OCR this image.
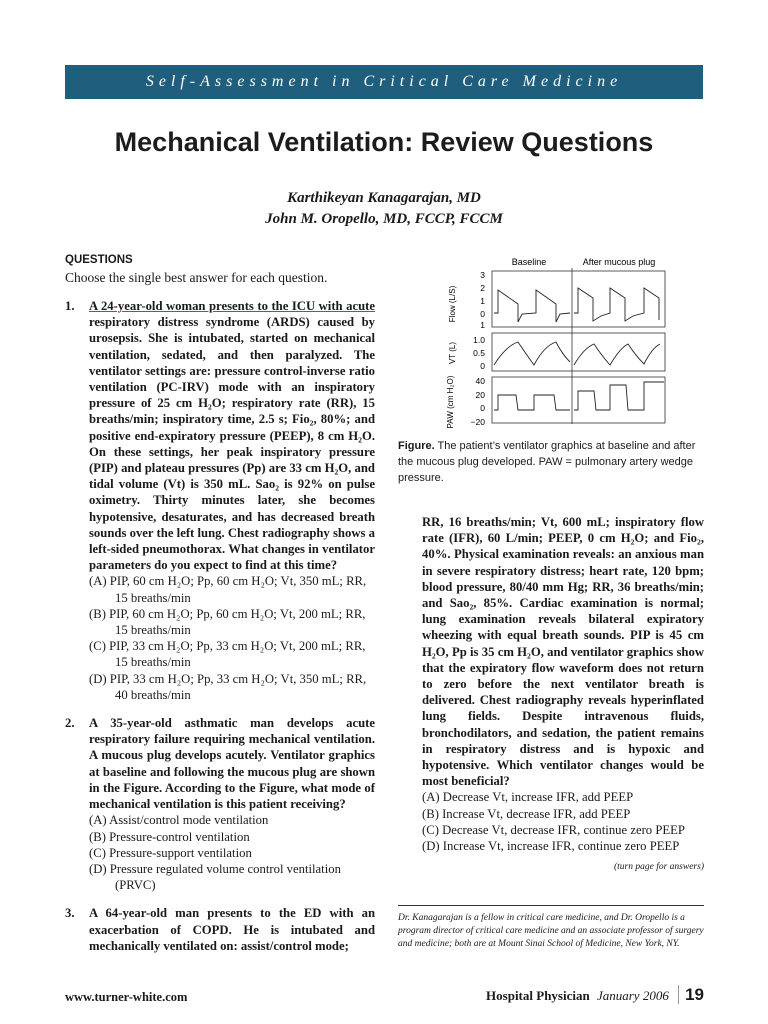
Self-Assessment in Critical Care Medicine
Mechanical Ventilation: Review Questions
Karthikeyan Kanagarajan, MD
John M. Oropello, MD, FCCP, FCCM
QUESTIONS
Choose the single best answer for each question.
1. A 24-year-old woman presents to the ICU with acute respiratory distress syndrome (ARDS) caused by urosepsis. She is intubated, started on mechanical ventilation, sedated, and then paralyzed. The ventilator settings are: pressure control-inverse ratio ventilation (PC-IRV) mode with an inspiratory pressure of 25 cm H₂O; respiratory rate (RR), 15 breaths/min; inspiratory time, 2.5 s; Fio₂, 80%; and positive end-expiratory pressure (PEEP), 8 cm H₂O. On these settings, her peak inspiratory pressure (PIP) and plateau pressures (Pp) are 33 cm H₂O, and tidal volume (Vt) is 350 mL. Sao₂ is 92% on pulse oximetry. Thirty minutes later, she becomes hypotensive, desaturates, and has decreased breath sounds over the left lung. Chest radiography shows a left-sided pneumothorax. What changes in ventilator parameters do you expect to find at this time?
(A) PIP, 60 cm H₂O; Pp, 60 cm H₂O; Vt, 350 mL; RR, 15 breaths/min
(B) PIP, 60 cm H₂O; Pp, 60 cm H₂O; Vt, 200 mL; RR, 15 breaths/min
(C) PIP, 33 cm H₂O; Pp, 33 cm H₂O; Vt, 200 mL; RR, 15 breaths/min
(D) PIP, 33 cm H₂O; Pp, 33 cm H₂O; Vt, 350 mL; RR, 40 breaths/min
2. A 35-year-old asthmatic man develops acute respiratory failure requiring mechanical ventilation. A mucous plug develops acutely. Ventilator graphics at baseline and following the mucous plug are shown in the Figure. According to the Figure, what mode of mechanical ventilation is this patient receiving?
(A) Assist/control mode ventilation
(B) Pressure-control ventilation
(C) Pressure-support ventilation
(D) Pressure regulated volume control ventilation (PRVC)
3. A 64-year-old man presents to the ED with an exacerbation of COPD. He is intubated and mechanically ventilated on: assist/control mode;
Baseline	After mucous plug
Flow (L/S)
VT (L)
PAW (cm H₂O)
3
2
1
0
1
1.0
0.5
0
40
20
0
−20
Figure. The patient’s ventilator graphics at baseline and after the mucous plug developed. PAW = pulmonary artery wedge pressure.
RR, 16 breaths/min; Vt, 600 mL; inspiratory flow rate (IFR), 60 L/min; PEEP, 0 cm H₂O; and Fio₂, 40%. Physical examination reveals: an anxious man in severe respiratory distress; heart rate, 120 bpm; blood pressure, 80/40 mm Hg; RR, 36 breaths/min; and Sao₂, 85%. Cardiac examination is normal; lung examination reveals bilateral expiratory wheezing with equal breath sounds. PIP is 45 cm H₂O, Pp is 35 cm H₂O, and ventilator graphics show that the expiratory flow waveform does not return to zero before the next ventilator breath is delivered. Chest radiography reveals hyperinflated lung fields. Despite intravenous fluids, bronchodilators, and sedation, the patient remains in respiratory distress and is hypoxic and hypotensive. Which ventilator changes would be most beneficial?
(A) Decrease Vt, increase IFR, add PEEP
(B) Increase Vt, decrease IFR, add PEEP
(C) Decrease Vt, decrease IFR, continue zero PEEP
(D) Increase Vt, increase IFR, continue zero PEEP
(turn page for answers)
Dr. Kanagarajan is a fellow in critical care medicine, and Dr. Oropello is a program director of critical care medicine and an associate professor of surgery and medicine; both are at Mount Sinai School of Medicine, New York, NY.
www.turner-white.com	Hospital Physician January 2006 19
